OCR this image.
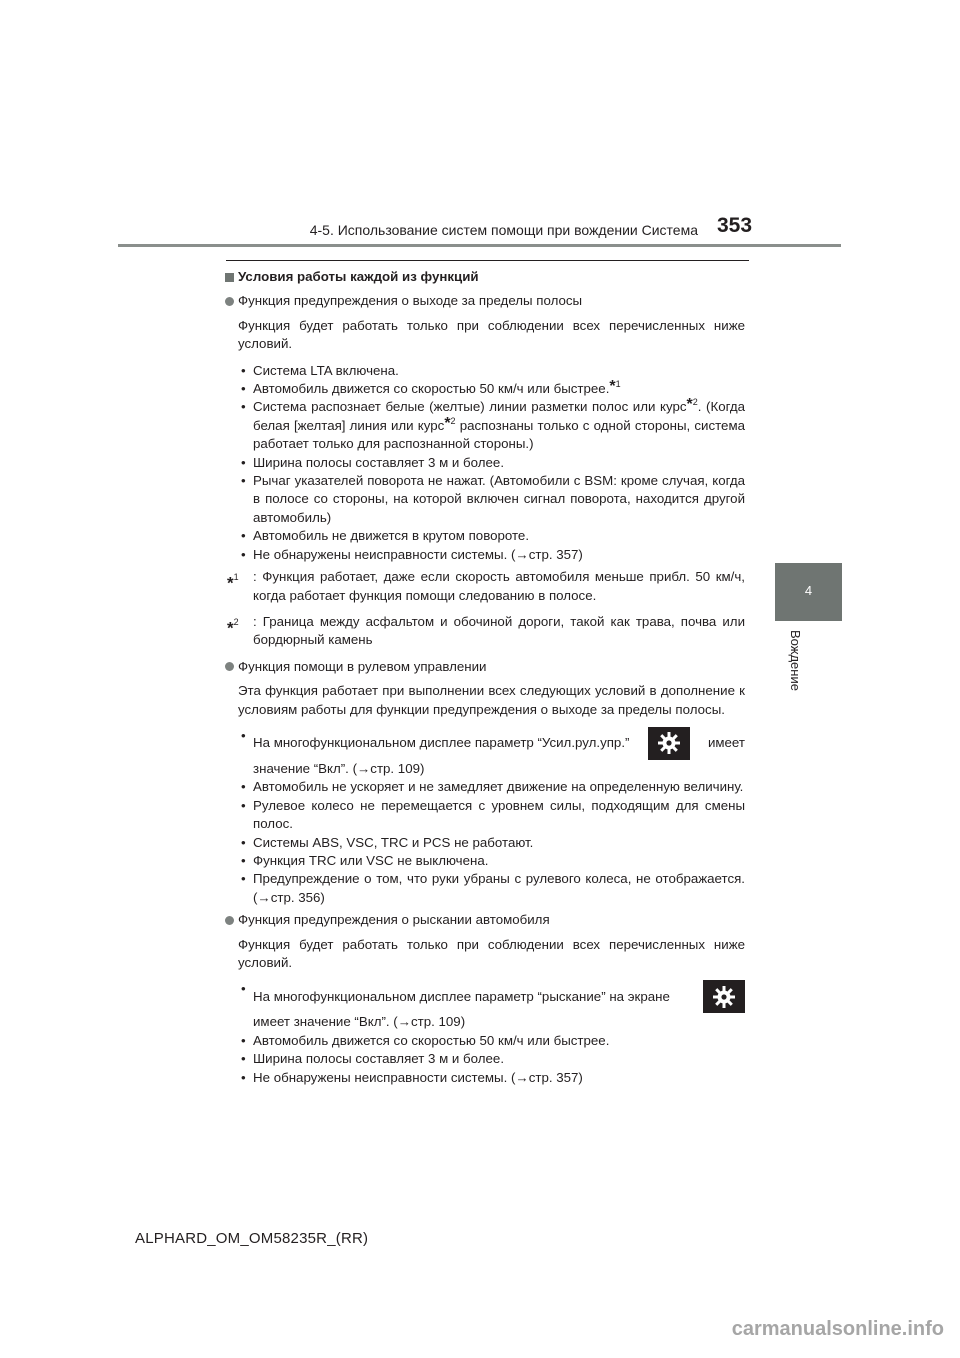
4-5. Использование систем помощи при вождении Система 353
4
Вождение
Условия работы каждой из функций
Функция предупреждения о выходе за пределы полосы
Функция будет работать только при соблюдении всех перечисленных ниже условий.
• Система LTA включена.
• Автомобиль движется со скоростью 50 км/ч или быстрее.$^{*^1}$
• Система распознает белые (желтые) линии разметки полос или курс$^{*^2}$. (Когда белая [желтая] линия или курс$^{*^2}$ распознаны только с одной стороны, система работает только для распознанной стороны.)
• Ширина полосы составляет 3 м и более.
• Рычаг указателей поворота не нажат. (Автомобили с BSM: кроме случая, когда в полосе со стороны, на которой включен сигнал поворота, находится другой автомобиль)
• Автомобиль не движется в крутом повороте.
• Не обнаружены неисправности системы. (→стр. 357)
*$^1$	: Функция работает, даже если скорость автомобиля меньше прибл. 50 км/ч, когда работает функция помощи следованию в полосе.
*$^2$	: Граница между асфальтом и обочиной дороги, такой как трава, почва или бордюрный камень
Функция помощи в рулевом управлении
Эта функция работает при выполнении всех следующих условий в дополнение к условиям работы для функции предупреждения о выходе за пределы полосы.
• На многофункциональном дисплее параметр “Усил.рул.упр.”	имеет
значение “Вкл”. (→стр. 109)
• Автомобиль не ускоряет и не замедляет движение на определенную величину.
• Рулевое колесо не перемещается с уровнем силы, подходящим для смены полос.
• Системы ABS, VSC, TRC и PCS не работают.
• Функция TRC или VSC не выключена.
• Предупреждение о том, что руки убраны с рулевого колеса, не отображается. (→стр. 356)
Функция предупреждения о рыскании автомобиля
Функция будет работать только при соблюдении всех перечисленных ниже условий.
• На многофункциональном дисплее параметр “рыскание” на экране
имеет значение “Вкл”. (→стр. 109)
• Автомобиль движется со скоростью 50 км/ч или быстрее.
• Ширина полосы составляет 3 м и более.
• Не обнаружены неисправности системы. (→стр. 357)
ALPHARD_OM_OM58235R_(RR)
carmanualsonline.info
